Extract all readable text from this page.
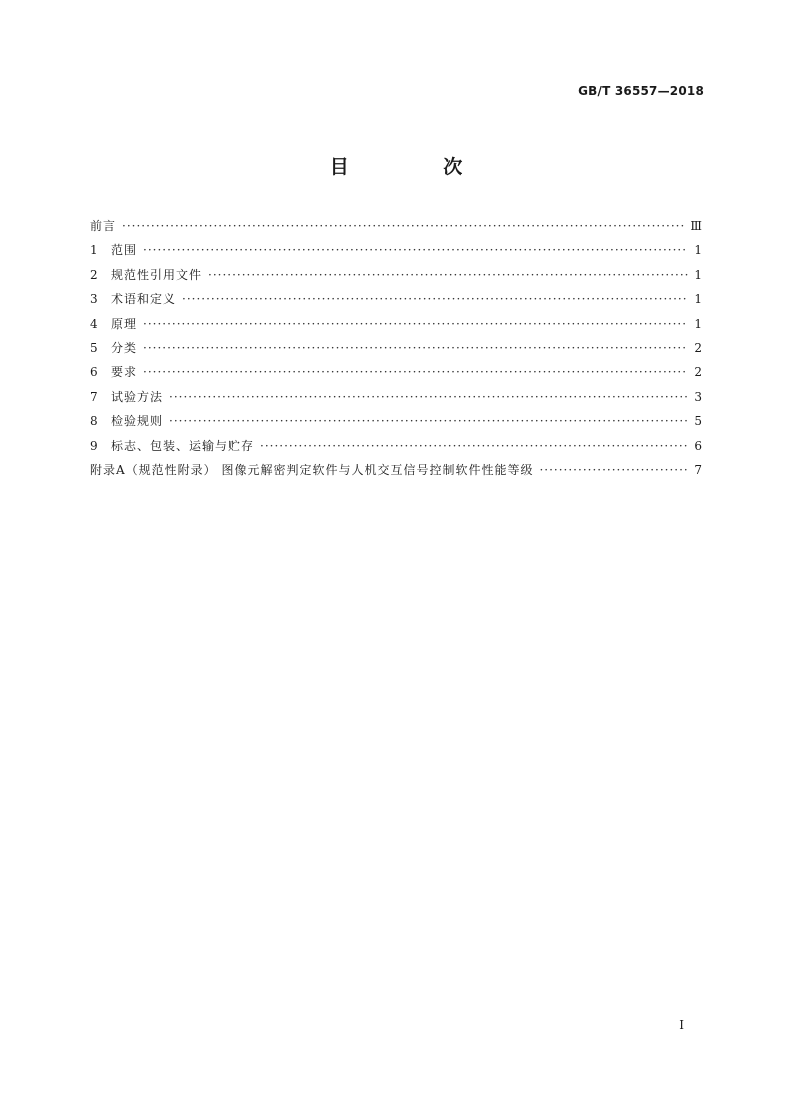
GB/T 36557—2018
目 次
前言 ·····	Ⅲ
1	范围 ·····	1
2	规范性引用文件 ·····	1
3	术语和定义 ·····	1
4	原理 ·····	1
5	分类 ·····	2
6	要求 ·····	2
7	试验方法 ·····	3
8	检验规则 ·····	5
9	标志、包装、运输与贮存 ·····	6
附录A（规范性附录） 图像元解密判定软件与人机交互信号控制软件性能等级 ·····	7
Ⅰ
